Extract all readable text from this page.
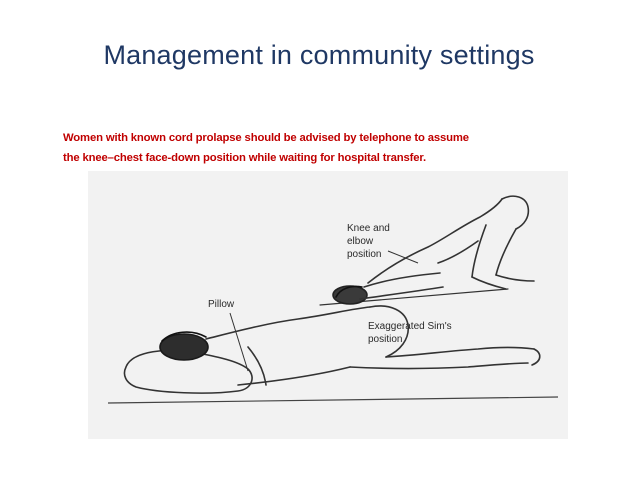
Management in community settings
Women with known cord prolapse should be advised by telephone to assume
the knee–chest face-down position while waiting for hospital transfer.
Knee and
elbow
position
Pillow
Exaggerated Sim's
position
